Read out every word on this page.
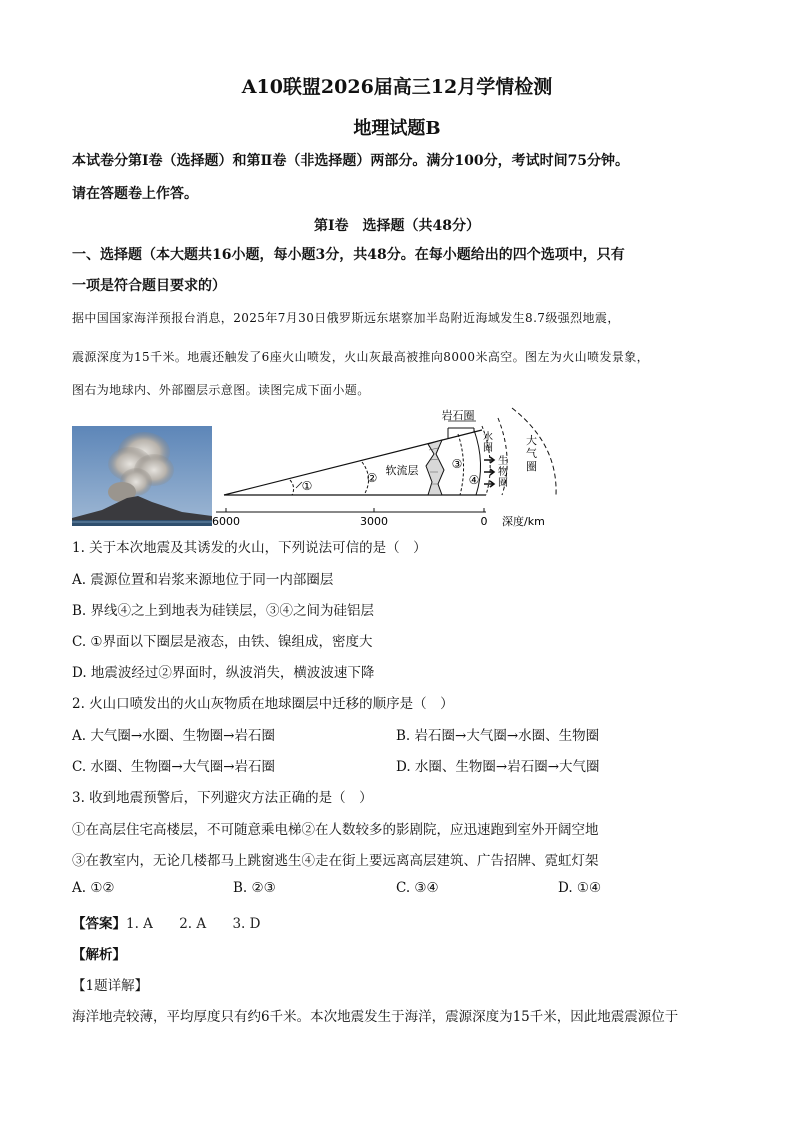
A10联盟2026届高三12月学情检测
地理试题B
本试卷分第Ⅰ卷（选择题）和第Ⅱ卷（非选择题）两部分。满分100分，考试时间75分钟。
请在答题卷上作答。
第Ⅰ卷　选择题（共48分）
一、选择题（本大题共16小题，每小题3分，共48分。在每小题给出的四个选项中，只有
一项是符合题目要求的）
据中国国家海洋预报台消息，2025年7月30日俄罗斯远东堪察加半岛附近海域发生8.7级强烈地震，
震源深度为15千米。地震还触发了6座火山喷发，火山灰最高被推向8000米高空。图左为火山喷发景象，
图右为地球内、外部圈层示意图。读图完成下面小题。
岩石圈
①
②
③
④
软流层
水圈
生物圈
大气圈
6000	3000	0 深度/km
1. 关于本次地震及其诱发的火山，下列说法可信的是（　）
A. 震源位置和岩浆来源地位于同一内部圈层
B. 界线④之上到地表为硅镁层，③④之间为硅铝层
C. ①界面以下圈层是液态，由铁、镍组成，密度大
D. 地震波经过②界面时，纵波消失，横波波速下降
2. 火山口喷发出的火山灰物质在地球圈层中迁移的顺序是（　）
A. 大气圈→水圈、生物圈→岩石圈	B. 岩石圈→大气圈→水圈、生物圈
C. 水圈、生物圈→大气圈→岩石圈	D. 水圈、生物圈→岩石圈→大气圈
3. 收到地震预警后，下列避灾方法正确的是（　）
①在高层住宅高楼层，不可随意乘电梯②在人数较多的影剧院，应迅速跑到室外开阔空地
③在教室内，无论几楼都马上跳窗逃生④走在街上要远离高层建筑、广告招牌、霓虹灯架
A. ①②	B. ②③	C. ③④	D. ①④
【答案】1. A 2. A 3. D
【解析】
【1题详解】
海洋地壳较薄，平均厚度只有约6千米。本次地震发生于海洋，震源深度为15千米，因此地震震源位于
